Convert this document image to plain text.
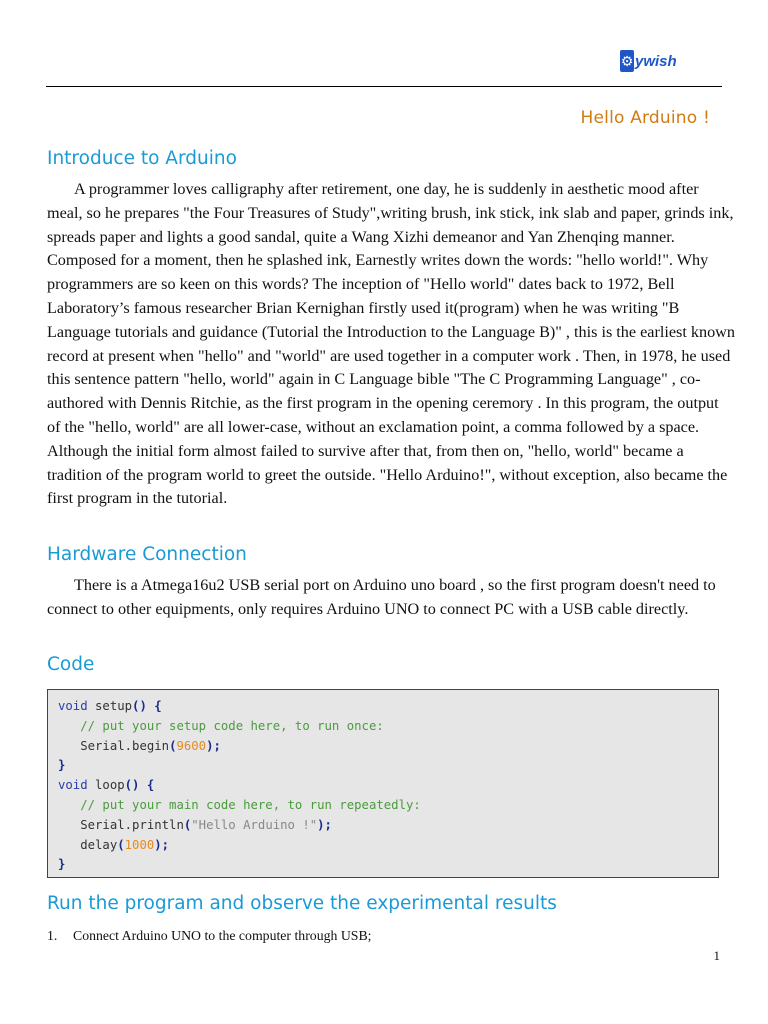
⚙ ywish
Hello Arduino !
Introduce to Arduino

A programmer loves calligraphy after retirement, one day, he is suddenly in aesthetic mood after meal, so he prepares "the Four Treasures of Study",writing brush, ink stick, ink slab and paper, grinds ink, spreads paper and lights a good sandal, quite a Wang Xizhi demeanor and Yan Zhenqing manner. Composed for a moment, then he splashed ink, Earnestly writes down the words: "hello world!". Why programmers are so keen on this words? The inception of "Hello world" dates back to 1972, Bell Laboratory’s famous researcher Brian Kernighan firstly used it(program) when he was writing "B Language tutorials and guidance (Tutorial the Introduction to the Language B)" , this is the earliest known record at present when "hello" and "world" are used together in a computer work . Then, in 1978, he used this sentence pattern "hello, world" again in C Language bible "The C Programming Language" , co-authored with Dennis Ritchie, as the first program in the opening ceremory . In this program, the output of the "hello, world" are all lower-case, without an exclamation point, a comma followed by a space. Although the initial form almost failed to survive after that, from then on, "hello, world" became a tradition of the program world to greet the outside. "Hello Arduino!", without exception, also became the first program in the tutorial.

Hardware Connection

There is a Atmega16u2 USB serial port on Arduino uno board , so the first program doesn't need to connect to other equipments, only requires Arduino UNO to connect PC with a USB cable directly.

Code
void setup() {
// put your setup code here, to run once:
Serial.begin(9600);
}
void loop() {
// put your main code here, to run repeatedly:
Serial.println("Hello Arduino !");
delay(1000);
}
Run the program and observe the experimental results
1. Connect Arduino UNO to the computer through USB;
1
